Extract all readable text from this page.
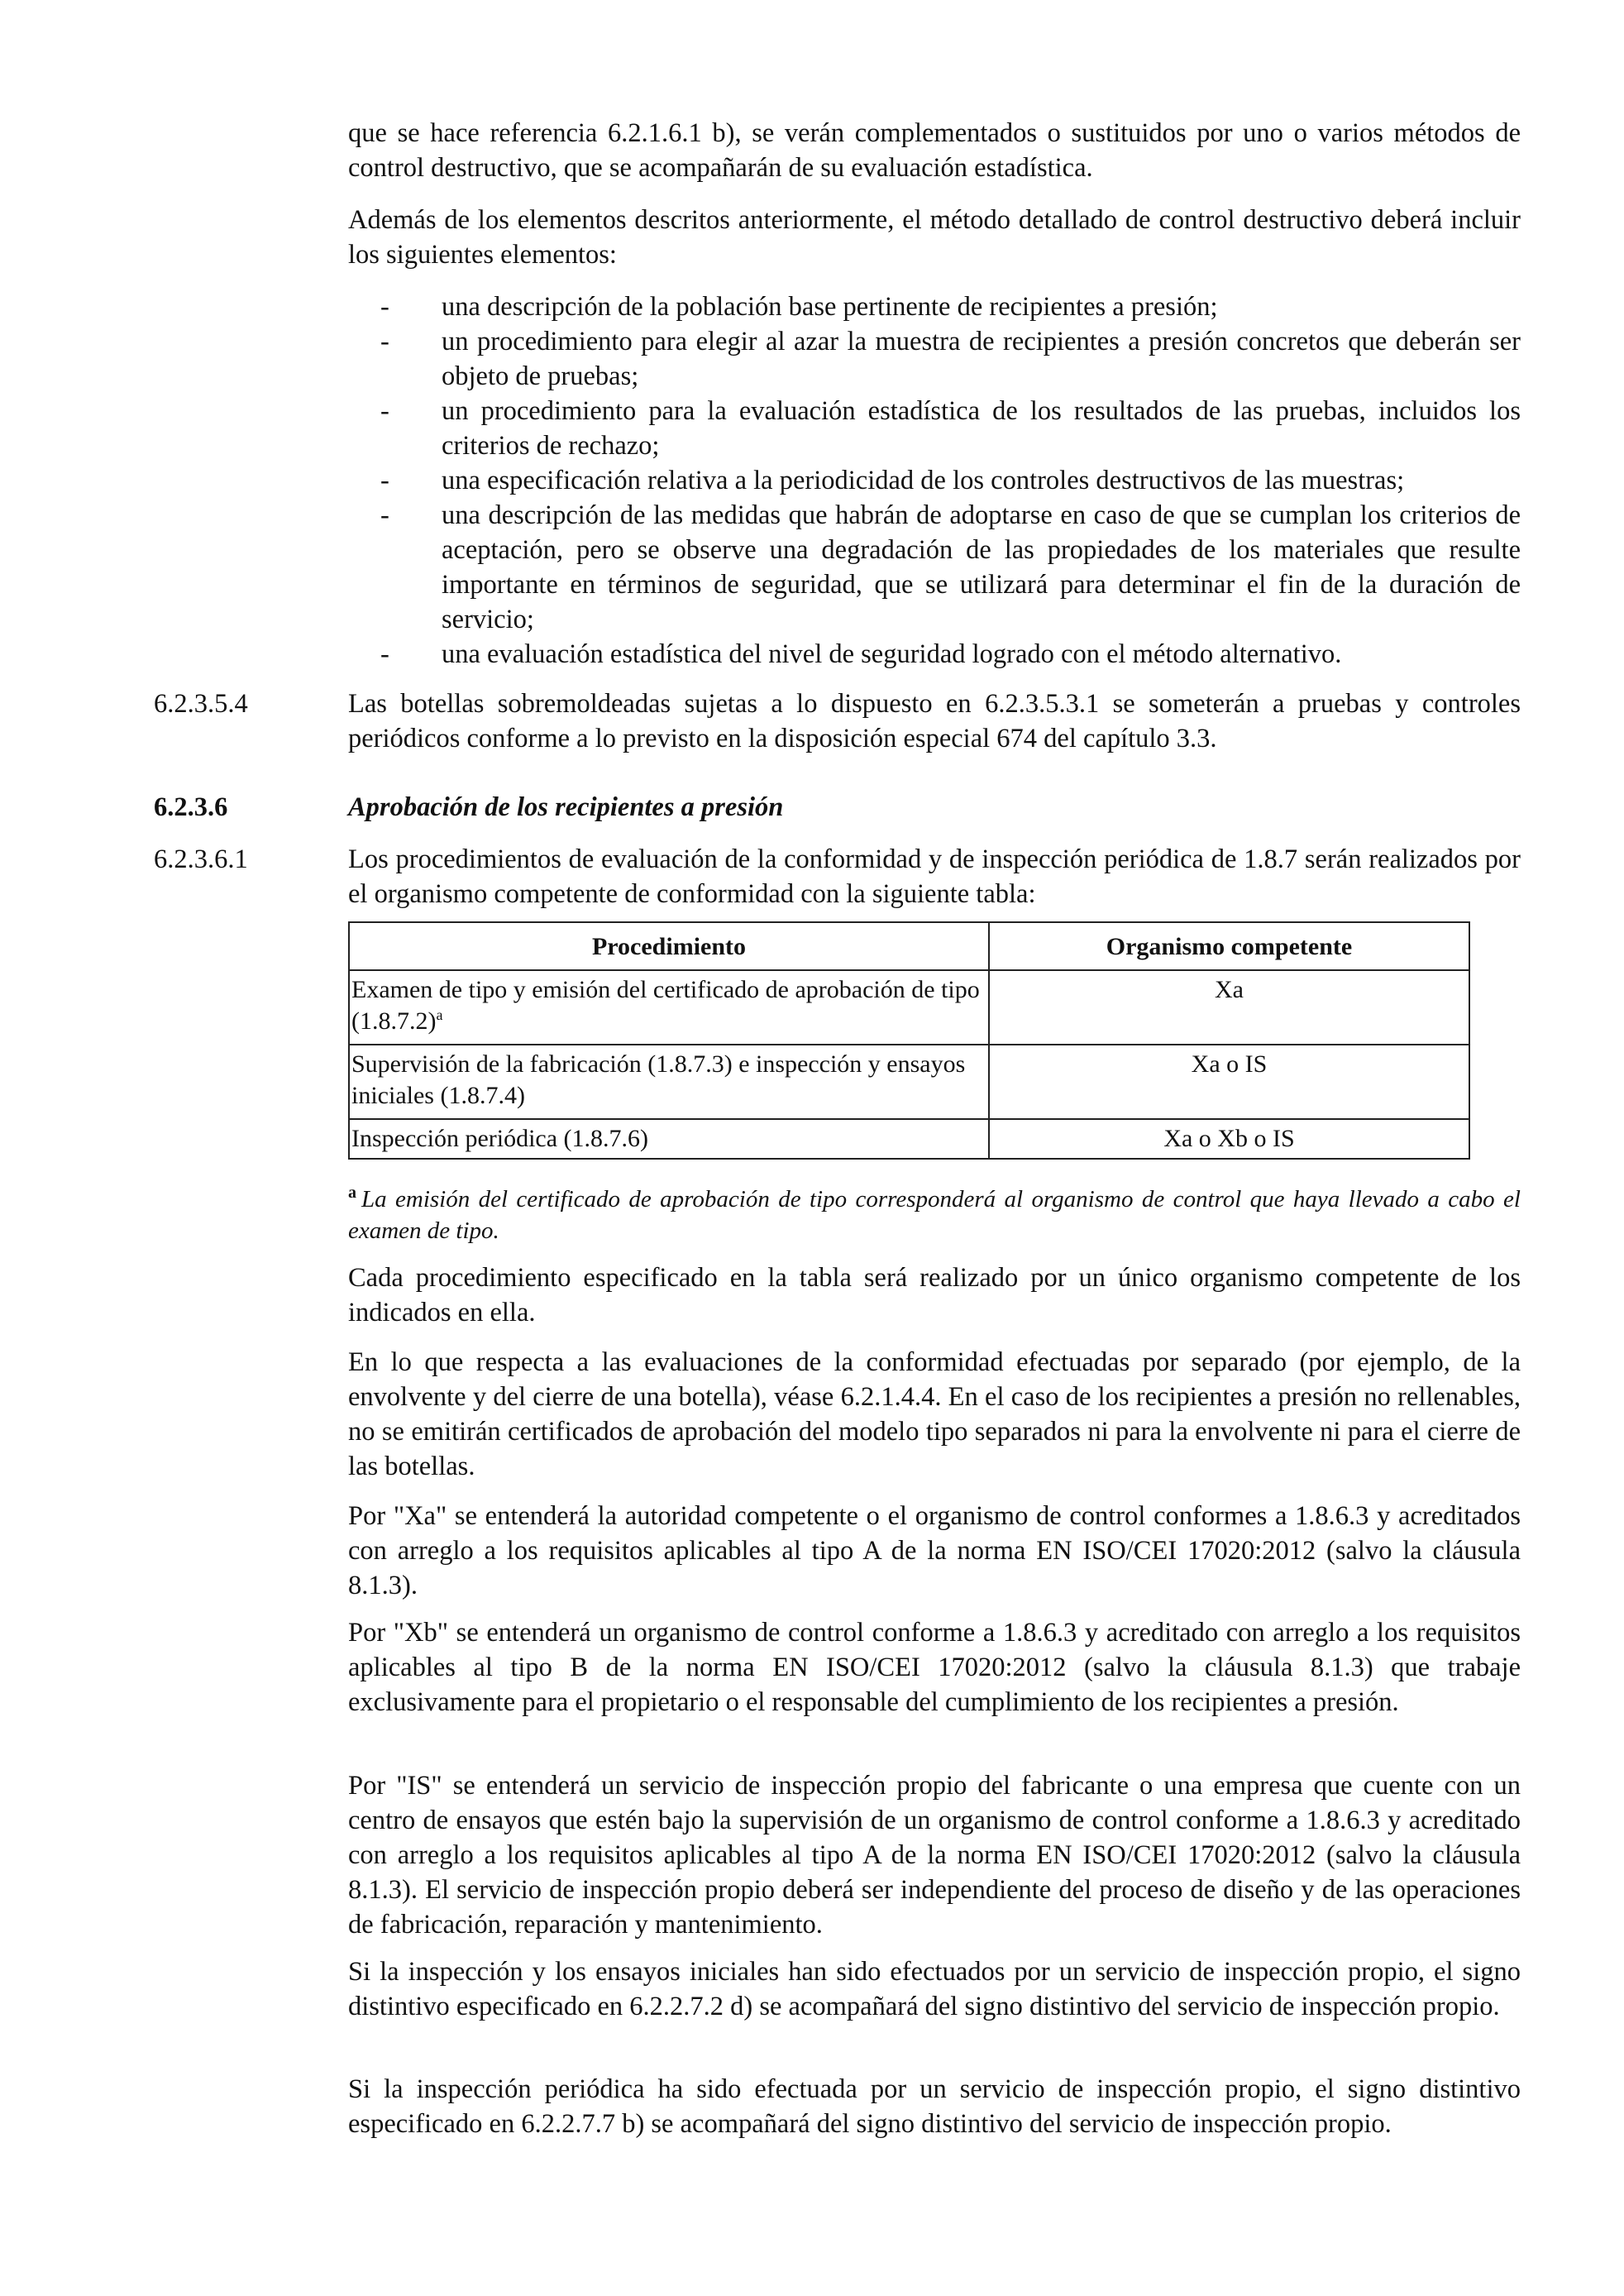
que se hace referencia 6.2.1.6.1 b), se verán complementados o sustituidos por uno o varios métodos de control destructivo, que se acompañarán de su evaluación estadística.

Además de los elementos descritos anteriormente, el método detallado de control destructivo deberá incluir los siguientes elementos:

- una descripción de la población base pertinente de recipientes a presión;
- un procedimiento para elegir al azar la muestra de recipientes a presión concretos que deberán ser objeto de pruebas;
- un procedimiento para la evaluación estadística de los resultados de las pruebas, incluidos los criterios de rechazo;
- una especificación relativa a la periodicidad de los controles destructivos de las muestras;
- una descripción de las medidas que habrán de adoptarse en caso de que se cumplan los criterios de aceptación, pero se observe una degradación de las propiedades de los materiales que resulte importante en términos de seguridad, que se utilizará para determinar el fin de la duración de servicio;
- una evaluación estadística del nivel de seguridad logrado con el método alternativo.
6.2.3.5.4	Las botellas sobremoldeadas sujetas a lo dispuesto en 6.2.3.5.3.1 se someterán a pruebas y controles periódicos conforme a lo previsto en la disposición especial 674 del capítulo 3.3.

6.2.3.6	Aprobación de los recipientes a presión
6.2.3.6.1	Los procedimientos de evaluación de la conformidad y de inspección periódica de 1.8.7 serán realizados por el organismo competente de conformidad con la siguiente tabla:

Procedimiento	Organismo competente
Examen de tipo y emisión del certificado de aprobación de tipo $(1.8.7.2)^a$	Xa
Supervisión de la fabricación (1.8.7.3) e inspección y ensayos iniciales (1.8.7.4)	Xa o IS
Inspección periódica (1.8.7.6)	Xa o Xb o IS

$^a$ La emisión del certificado de aprobación de tipo corresponderá al organismo de control que haya llevado a cabo el examen de tipo.

Cada procedimiento especificado en la tabla será realizado por un único organismo competente de los indicados en ella.

En lo que respecta a las evaluaciones de la conformidad efectuadas por separado (por ejemplo, de la envolvente y del cierre de una botella), véase 6.2.1.4.4. En el caso de los recipientes a presión no rellenables, no se emitirán certificados de aprobación del modelo tipo separados ni para la envolvente ni para el cierre de las botellas.

Por "Xa" se entenderá la autoridad competente o el organismo de control conformes a 1.8.6.3 y acreditados con arreglo a los requisitos aplicables al tipo A de la norma EN ISO/CEI 17020:2012 (salvo la cláusula 8.1.3).

Por "Xb" se entenderá un organismo de control conforme a 1.8.6.3 y acreditado con arreglo a los requisitos aplicables al tipo B de la norma EN ISO/CEI 17020:2012 (salvo la cláusula 8.1.3) que trabaje exclusivamente para el propietario o el responsable del cumplimiento de los recipientes a presión.

Por "IS" se entenderá un servicio de inspección propio del fabricante o una empresa que cuente con un centro de ensayos que estén bajo la supervisión de un organismo de control conforme a 1.8.6.3 y acreditado con arreglo a los requisitos aplicables al tipo A de la norma EN ISO/CEI 17020:2012 (salvo la cláusula 8.1.3). El servicio de inspección propio deberá ser independiente del proceso de diseño y de las operaciones de fabricación, reparación y mantenimiento.

Si la inspección y los ensayos iniciales han sido efectuados por un servicio de inspección propio, el signo distintivo especificado en 6.2.2.7.2 d) se acompañará del signo distintivo del servicio de inspección propio.

Si la inspección periódica ha sido efectuada por un servicio de inspección propio, el signo distintivo especificado en 6.2.2.7.7 b) se acompañará del signo distintivo del servicio de inspección propio.
